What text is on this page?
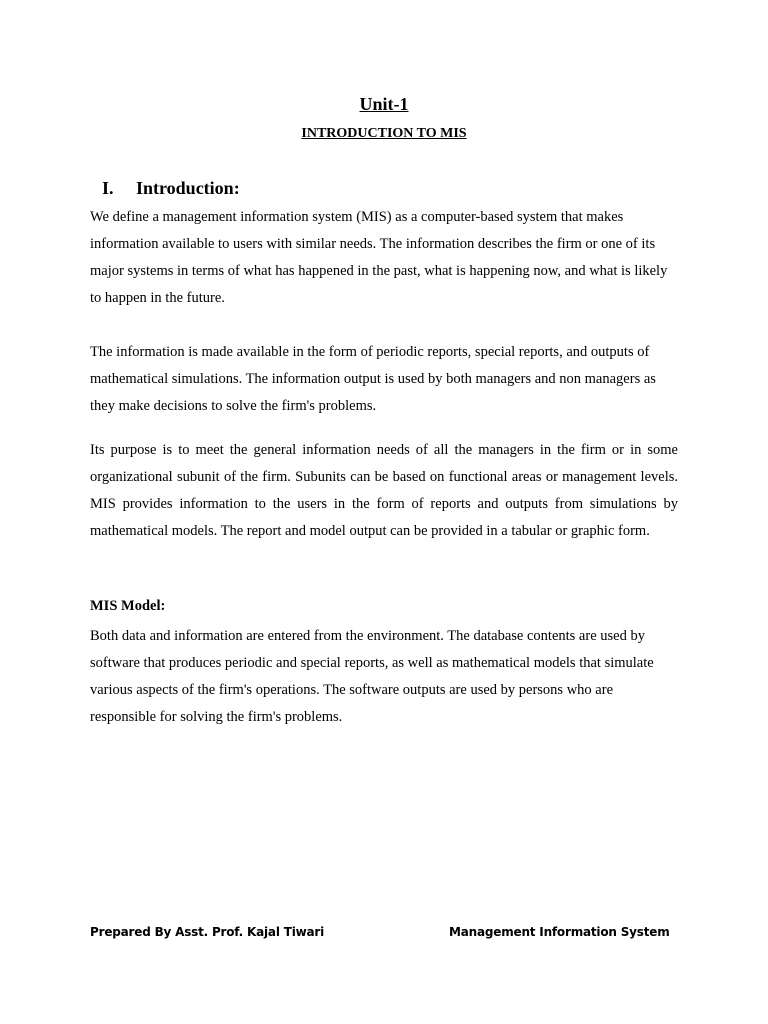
Unit-1
INTRODUCTION TO MIS
I.	Introduction:

We define a management information system (MIS) as a computer-based system that makes information available to users with similar needs. The information describes the firm or one of its major systems in terms of what has happened in the past, what is happening now, and what is likely to happen in the future.

The information is made available in the form of periodic reports, special reports, and outputs of mathematical simulations. The information output is used by both managers and non managers as they make decisions to solve the firm's problems.

Its purpose is to meet the general information needs of all the managers in the firm or in some organizational subunit of the firm. Subunits can be based on functional areas or management levels. MIS provides information to the users in the form of reports and outputs from simulations by mathematical models. The report and model output can be provided in a tabular or graphic form.

MIS Model:

Both data and information are entered from the environment. The database contents are used by software that produces periodic and special reports, as well as mathematical models that simulate various aspects of the firm's operations. The software outputs are used by persons who are responsible for solving the firm's problems.

Prepared By Asst. Prof. Kajal Tiwari	Management Information System
